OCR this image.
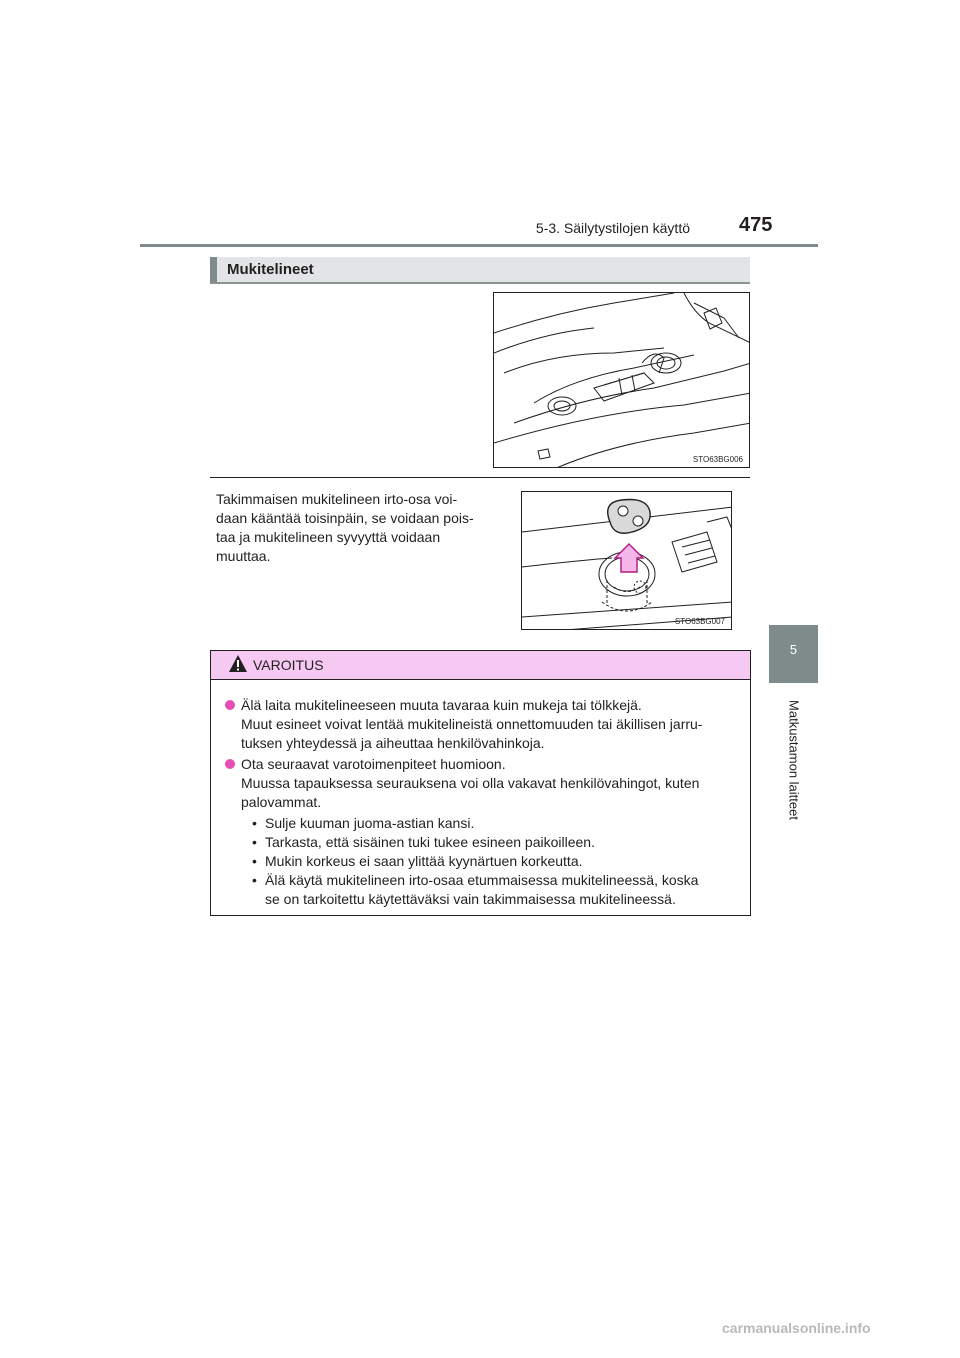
5-3. Säilytystilojen käyttö 475
5
Matkustamon laitteet
Mukitelineet
STO63BG006
Takimmaisen mukitelineen irto-osa voi-
daan kääntää toisinpäin, se voidaan pois-
taa ja mukitelineen syvyyttä voidaan
muuttaa.
STO63BG007
VAROITUS
Älä laita mukitelineeseen muuta tavaraa kuin mukeja tai tölkkejä.
Muut esineet voivat lentää mukitelineistä onnettomuuden tai äkillisen jarru-
tuksen yhteydessä ja aiheuttaa henkilövahinkoja.
Ota seuraavat varotoimenpiteet huomioon.
Muussa tapauksessa seurauksena voi olla vakavat henkilövahingot, kuten
palovammat.
• Sulje kuuman juoma-astian kansi.
• Tarkasta, että sisäinen tuki tukee esineen paikoilleen.
• Mukin korkeus ei saan ylittää kyynärtuen korkeutta.
• Älä käytä mukitelineen irto-osaa etummaisessa mukitelineessä, koska
se on tarkoitettu käytettäväksi vain takimmaisessa mukitelineessä.
carmanualsonline.info
